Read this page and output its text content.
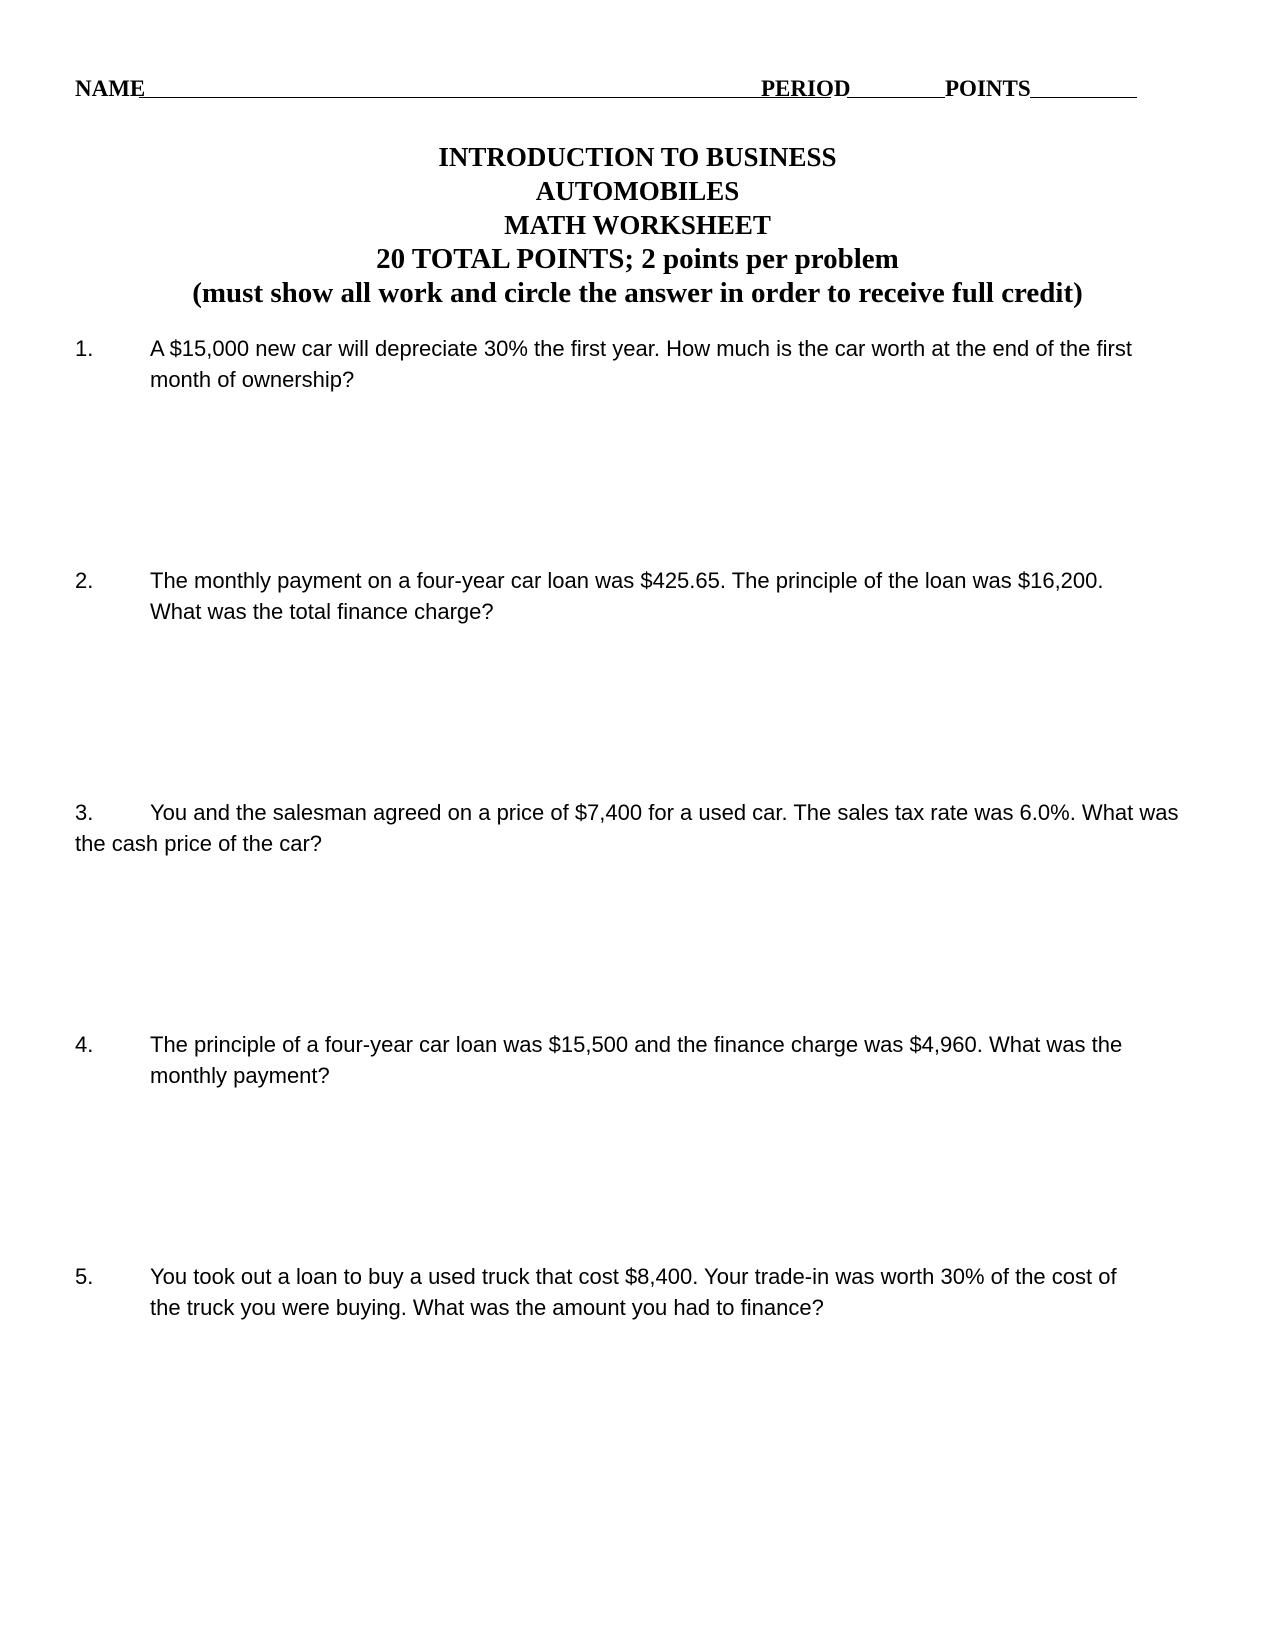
NAME	PERIOD	POINTS
INTRODUCTION TO BUSINESS
AUTOMOBILES
MATH WORKSHEET
20 TOTAL POINTS; 2 points per problem
(must show all work and circle the answer in order to receive full credit)
1.	A $15,000 new car will depreciate 30% the first year. How much is the car worth at the end of the first month of ownership?
2.	The monthly payment on a four-year car loan was $425.65. The principle of the loan was $16,200. What was the total finance charge?
3.	You and the salesman agreed on a price of $7,400 for a used car. The sales tax rate was 6.0%. What was the cash price of the car?
4.	The principle of a four-year car loan was $15,500 and the finance charge was $4,960. What was the monthly payment?
5.	You took out a loan to buy a used truck that cost $8,400. Your trade-in was worth 30% of the cost of the truck you were buying. What was the amount you had to finance?
